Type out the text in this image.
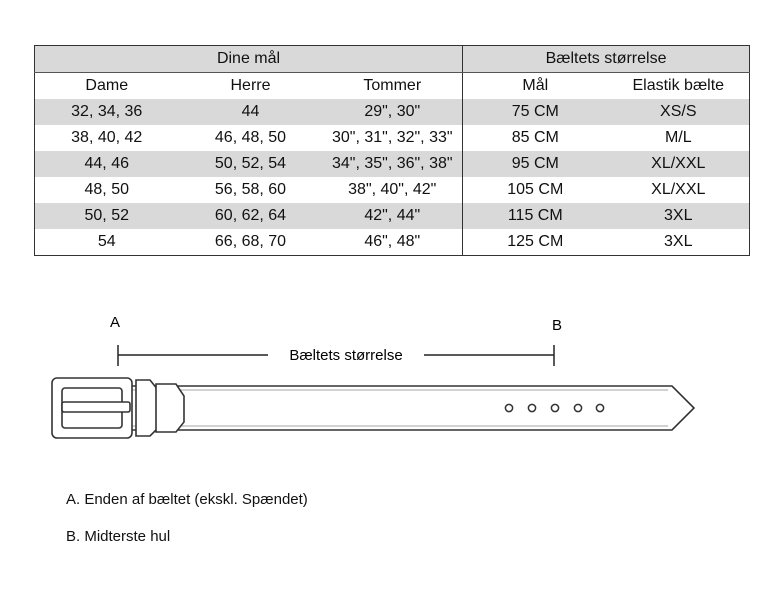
Dine mål			Bæltets størrelse	
Dame	Herre	Tommer	Mål	Elastik bælte
32, 34, 36	44	29", 30"	75 CM	XS/S
38, 40, 42	46, 48, 50	30", 31", 32", 33"	85 CM	M/L
44, 46	50, 52, 54	34", 35", 36", 38"	95 CM	XL/XXL
48, 50	56, 58, 60	38", 40", 42"	105 CM	XL/XXL
50, 52	60, 62, 64	42", 44"	115 CM	3XL
54	66, 68, 70	46", 48"	125 CM	3XL
A	B
Bæltets størrelse
A. Enden af bæltet (ekskl. Spændet)
B. Midterste hul
